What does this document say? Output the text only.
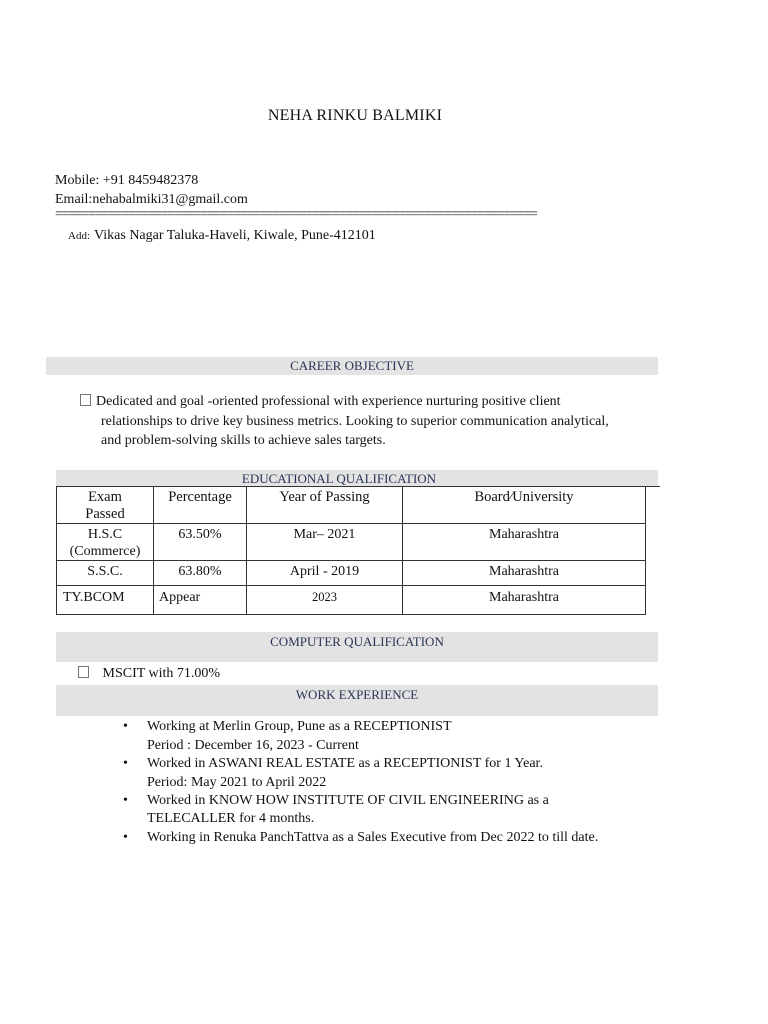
NEHA RINKU BALMIKI
Mobile: +91 8459482378
Email:nehabalmiki31@gmail.com
=========================================================================
Add: Vikas Nagar Taluka-Haveli, Kiwale, Pune-412101
CAREER OBJECTIVE
Dedicated and goal -oriented professional with experience nurturing positive client
relationships to drive key business metrics. Looking to superior communication analytical,
and problem-solving skills to achieve sales targets.
EDUCATIONAL QUALIFICATION
Exam
Passed	Percentage	Year of Passing	Board⁄University
H.S.C
(Commerce)	63.50%	Mar– 2021	Maharashtra
S.S.C.	63.80%	April - 2019	Maharashtra
TY.BCOM	Appear	2023	Maharashtra
COMPUTER QUALIFICATION
MSCIT with 71.00%
WORK EXPERIENCE
• Working at Merlin Group, Pune as a RECEPTIONIST
Period : December 16, 2023 - Current
• Worked in ASWANI REAL ESTATE as a RECEPTIONIST for 1 Year.
Period: May 2021 to April 2022
• Worked in KNOW HOW INSTITUTE OF CIVIL ENGINEERING as a
TELECALLER for 4 months.
• Working in Renuka PanchTattva as a Sales Executive from Dec 2022 to till date.
